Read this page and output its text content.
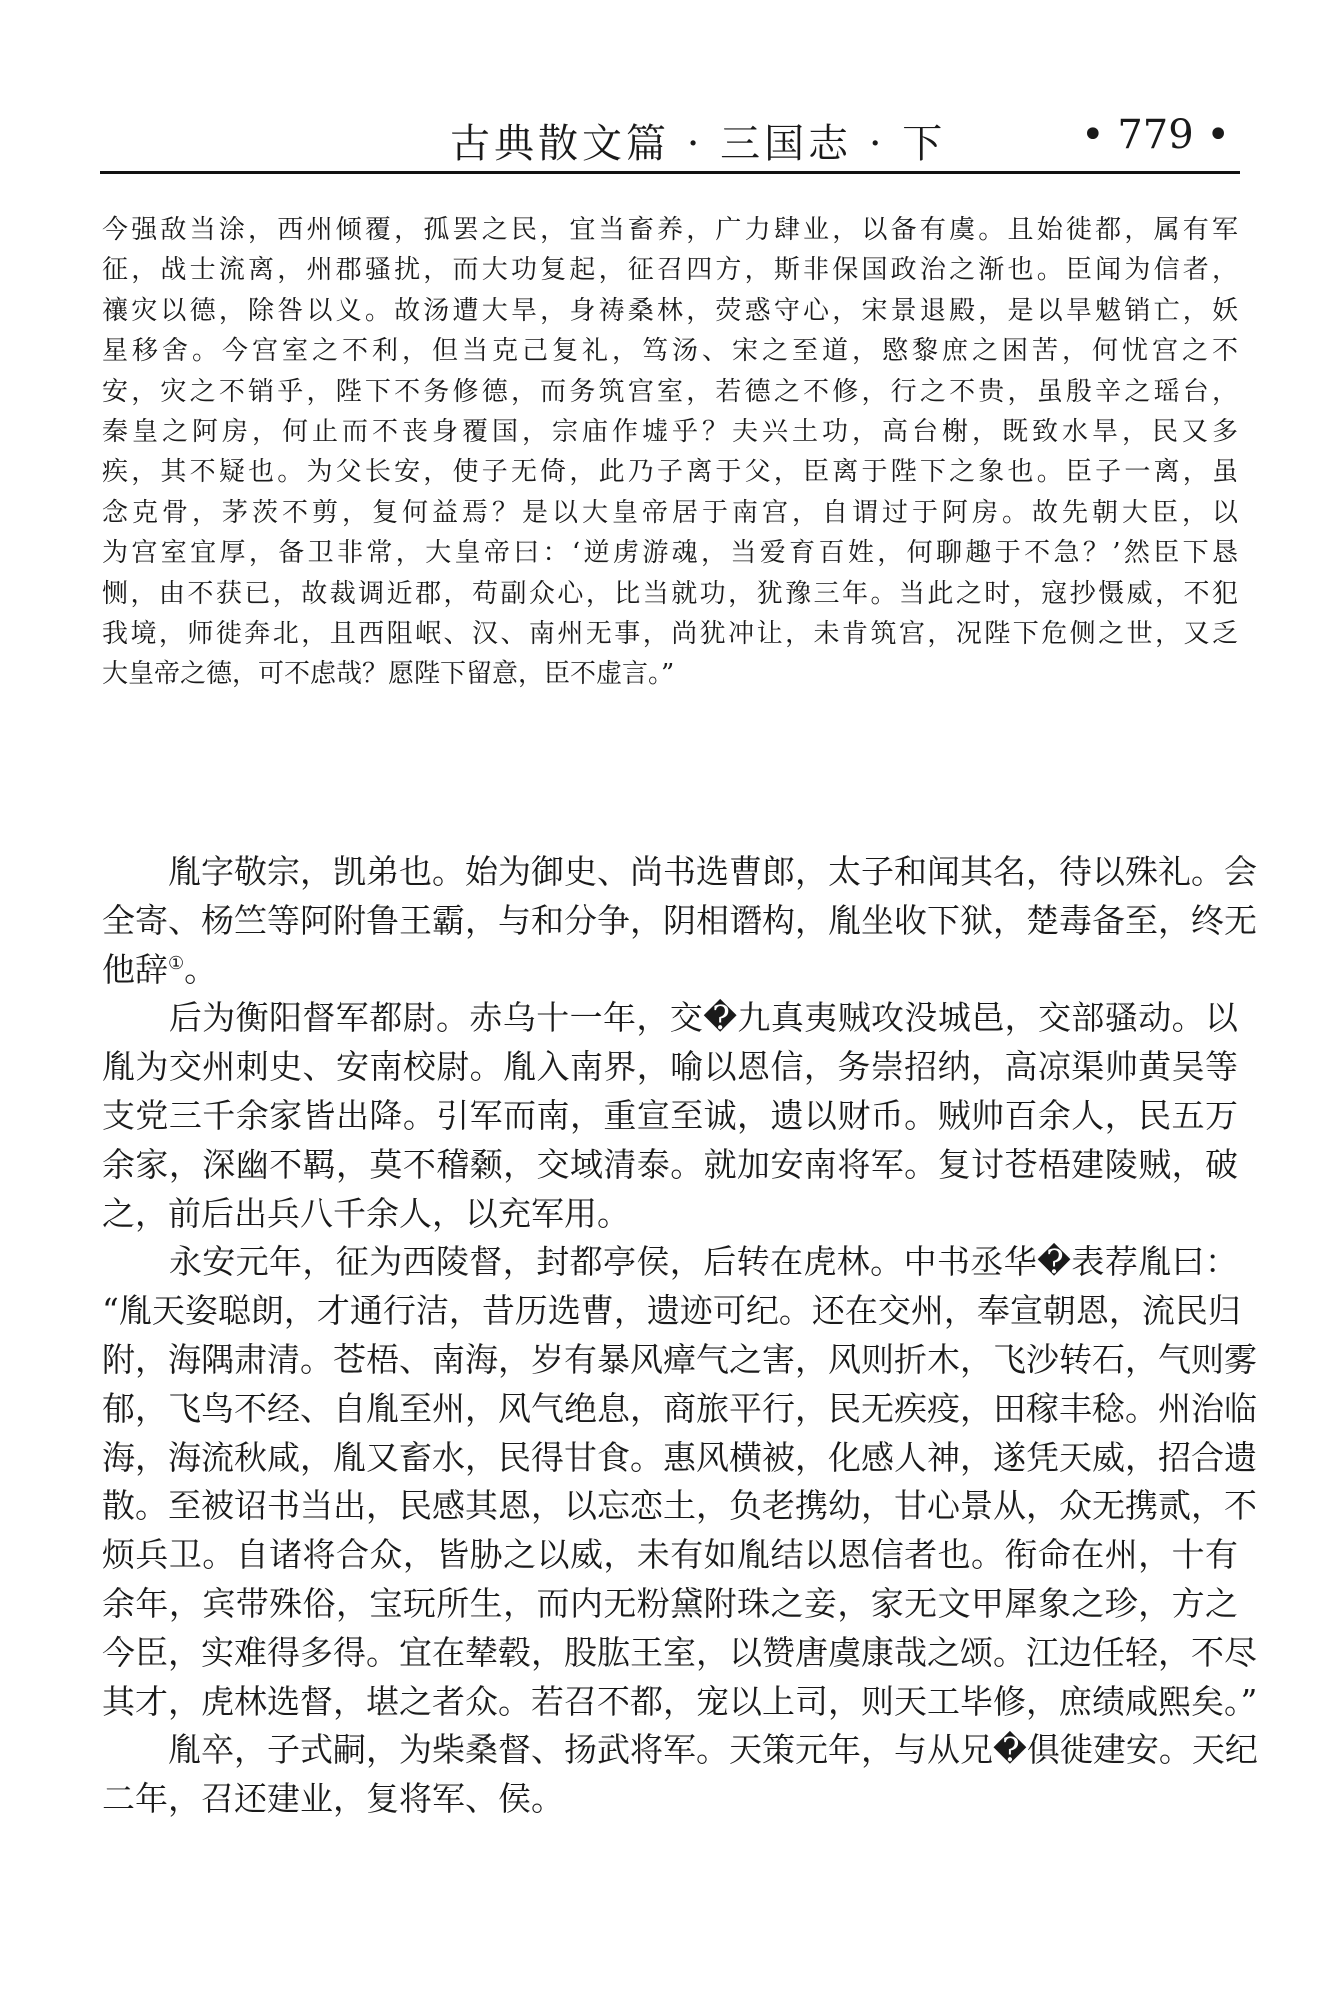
古典散文篇 · 三国志 · 下	• 779 •
今强敌当涂，西州倾覆，孤罢之民，宜当畜养，广力肆业，以备有虞。且始徙都，属有军
征，战士流离，州郡骚扰，而大功复起，征召四方，斯非保国政治之渐也。臣闻为信者，
禳灾以德，除咎以义。故汤遭大旱，身祷桑林，荧惑守心，宋景退殿，是以旱魃销亡，妖
星移舍。今宫室之不利，但当克己复礼，笃汤、宋之至道，愍黎庶之困苦，何忧宫之不
安，灾之不销乎，陛下不务修德，而务筑宫室，若德之不修，行之不贵，虽殷辛之瑶台，
秦皇之阿房，何止而不丧身覆国，宗庙作墟乎？夫兴土功，高台榭，既致水旱，民又多
疾，其不疑也。为父长安，使子无倚，此乃子离于父，臣离于陛下之象也。臣子一离，虽
念克骨，茅茨不剪，复何益焉？是以大皇帝居于南宫，自谓过于阿房。故先朝大臣，以
为宫室宜厚，备卫非常，大皇帝曰：‘逆虏游魂，当爱育百姓，何聊趣于不急？’然臣下恳
恻，由不获已，故裁调近郡，苟副众心，比当就功，犹豫三年。当此之时，寇抄慑威，不犯
我境，师徙奔北，且西阻岷、汉、南州无事，尚犹冲让，未肯筑宫，况陛下危侧之世，又乏
大皇帝之德，可不虑哉？愿陛下留意，臣不虚言。”
　　胤字敬宗，凯弟也。始为御史、尚书选曹郎，太子和闻其名，待以殊礼。会
全寄、杨竺等阿附鲁王霸，与和分争，阴相谮构，胤坐收下狱，楚毒备至，终无
他辞①。
　　后为衡阳督军都尉。赤乌十一年，交�九真夷贼攻没城邑，交部骚动。以
胤为交州刺史、安南校尉。胤入南界，喻以恩信，务崇招纳，高凉渠帅黄吴等
支党三千余家皆出降。引军而南，重宣至诚，遗以财币。贼帅百余人，民五万
余家，深幽不羁，莫不稽颡，交域清泰。就加安南将军。复讨苍梧建陵贼，破
之，前后出兵八千余人，以充军用。
　　永安元年，征为西陵督，封都亭侯，后转在虎林。中书丞华�表荐胤曰：
“胤天姿聪朗，才通行洁，昔历选曹，遗迹可纪。还在交州，奉宣朝恩，流民归
附，海隅肃清。苍梧、南海，岁有暴风瘴气之害，风则折木，飞沙转石，气则雾
郁，飞鸟不经、自胤至州，风气绝息，商旅平行，民无疾疫，田稼丰稔。州治临
海，海流秋咸，胤又畜水，民得甘食。惠风横被，化感人神，遂凭天威，招合遗
散。至被诏书当出，民感其恩，以忘恋土，负老携幼，甘心景从，众无携贰，不
烦兵卫。自诸将合众，皆胁之以威，未有如胤结以恩信者也。衔命在州，十有
余年，宾带殊俗，宝玩所生，而内无粉黛附珠之妾，家无文甲犀象之珍，方之
今臣，实难得多得。宜在辇毂，股肱王室，以赞唐虞康哉之颂。江边任轻，不尽
其才，虎林选督，堪之者众。若召不都，宠以上司，则天工毕修，庶绩咸熙矣。”
　　胤卒，子式嗣，为柴桑督、扬武将军。天策元年，与从兄�俱徙建安。天纪
二年，召还建业，复将军、侯。
